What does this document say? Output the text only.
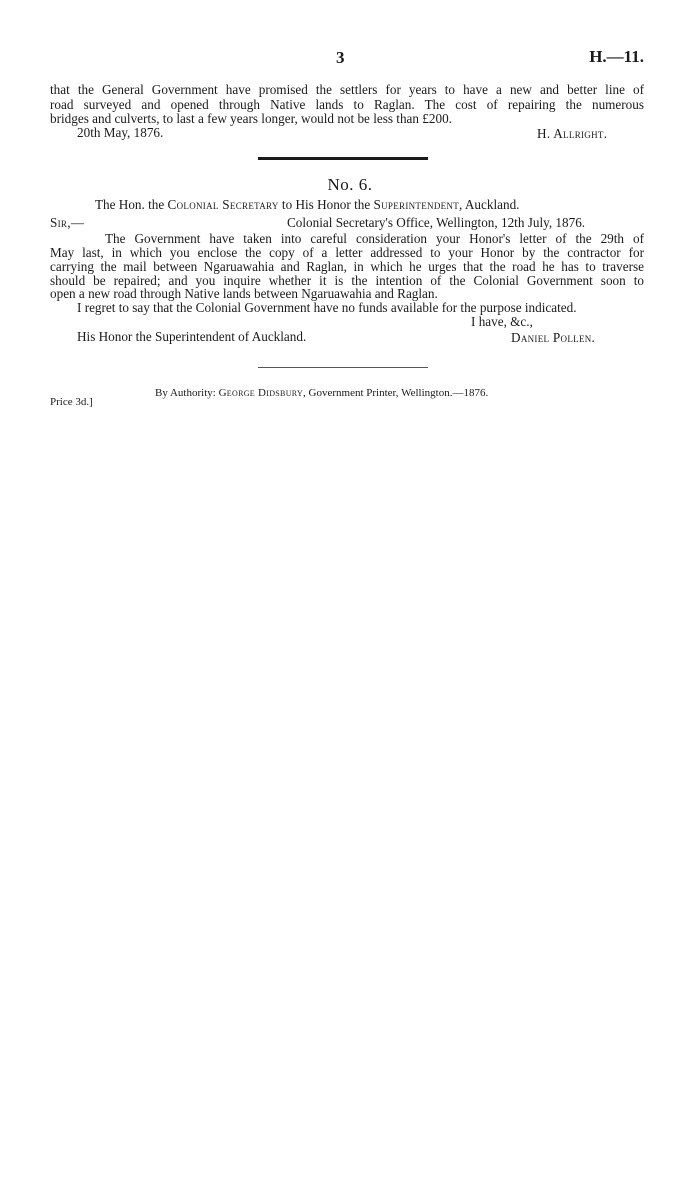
3	H.—11.
that the General Government have promised the settlers for years to have a new and better line of
road surveyed and opened through Native lands to Raglan. The cost of repairing the numerous
bridges and culverts, to last a few years longer, would not be less than £200.
20th May, 1876.	H. Allright.
No. 6.
The Hon. the Colonial Secretary to His Honor the Superintendent, Auckland.
Sir,—	Colonial Secretary's Office, Wellington, 12th July, 1876.
The Government have taken into careful consideration your Honor's letter of the 29th of
May last, in which you enclose the copy of a letter addressed to your Honor by the contractor for
carrying the mail between Ngaruawahia and Raglan, in which he urges that the road he has to traverse
should be repaired; and you inquire whether it is the intention of the Colonial Government soon to
open a new road through Native lands between Ngaruawahia and Raglan.
I regret to say that the Colonial Government have no funds available for the purpose indicated.
I have, &c.,
His Honor the Superintendent of Auckland.	Daniel Pollen.
By Authority: George Didsbury, Government Printer, Wellington.—1876.
Price 3d.]
